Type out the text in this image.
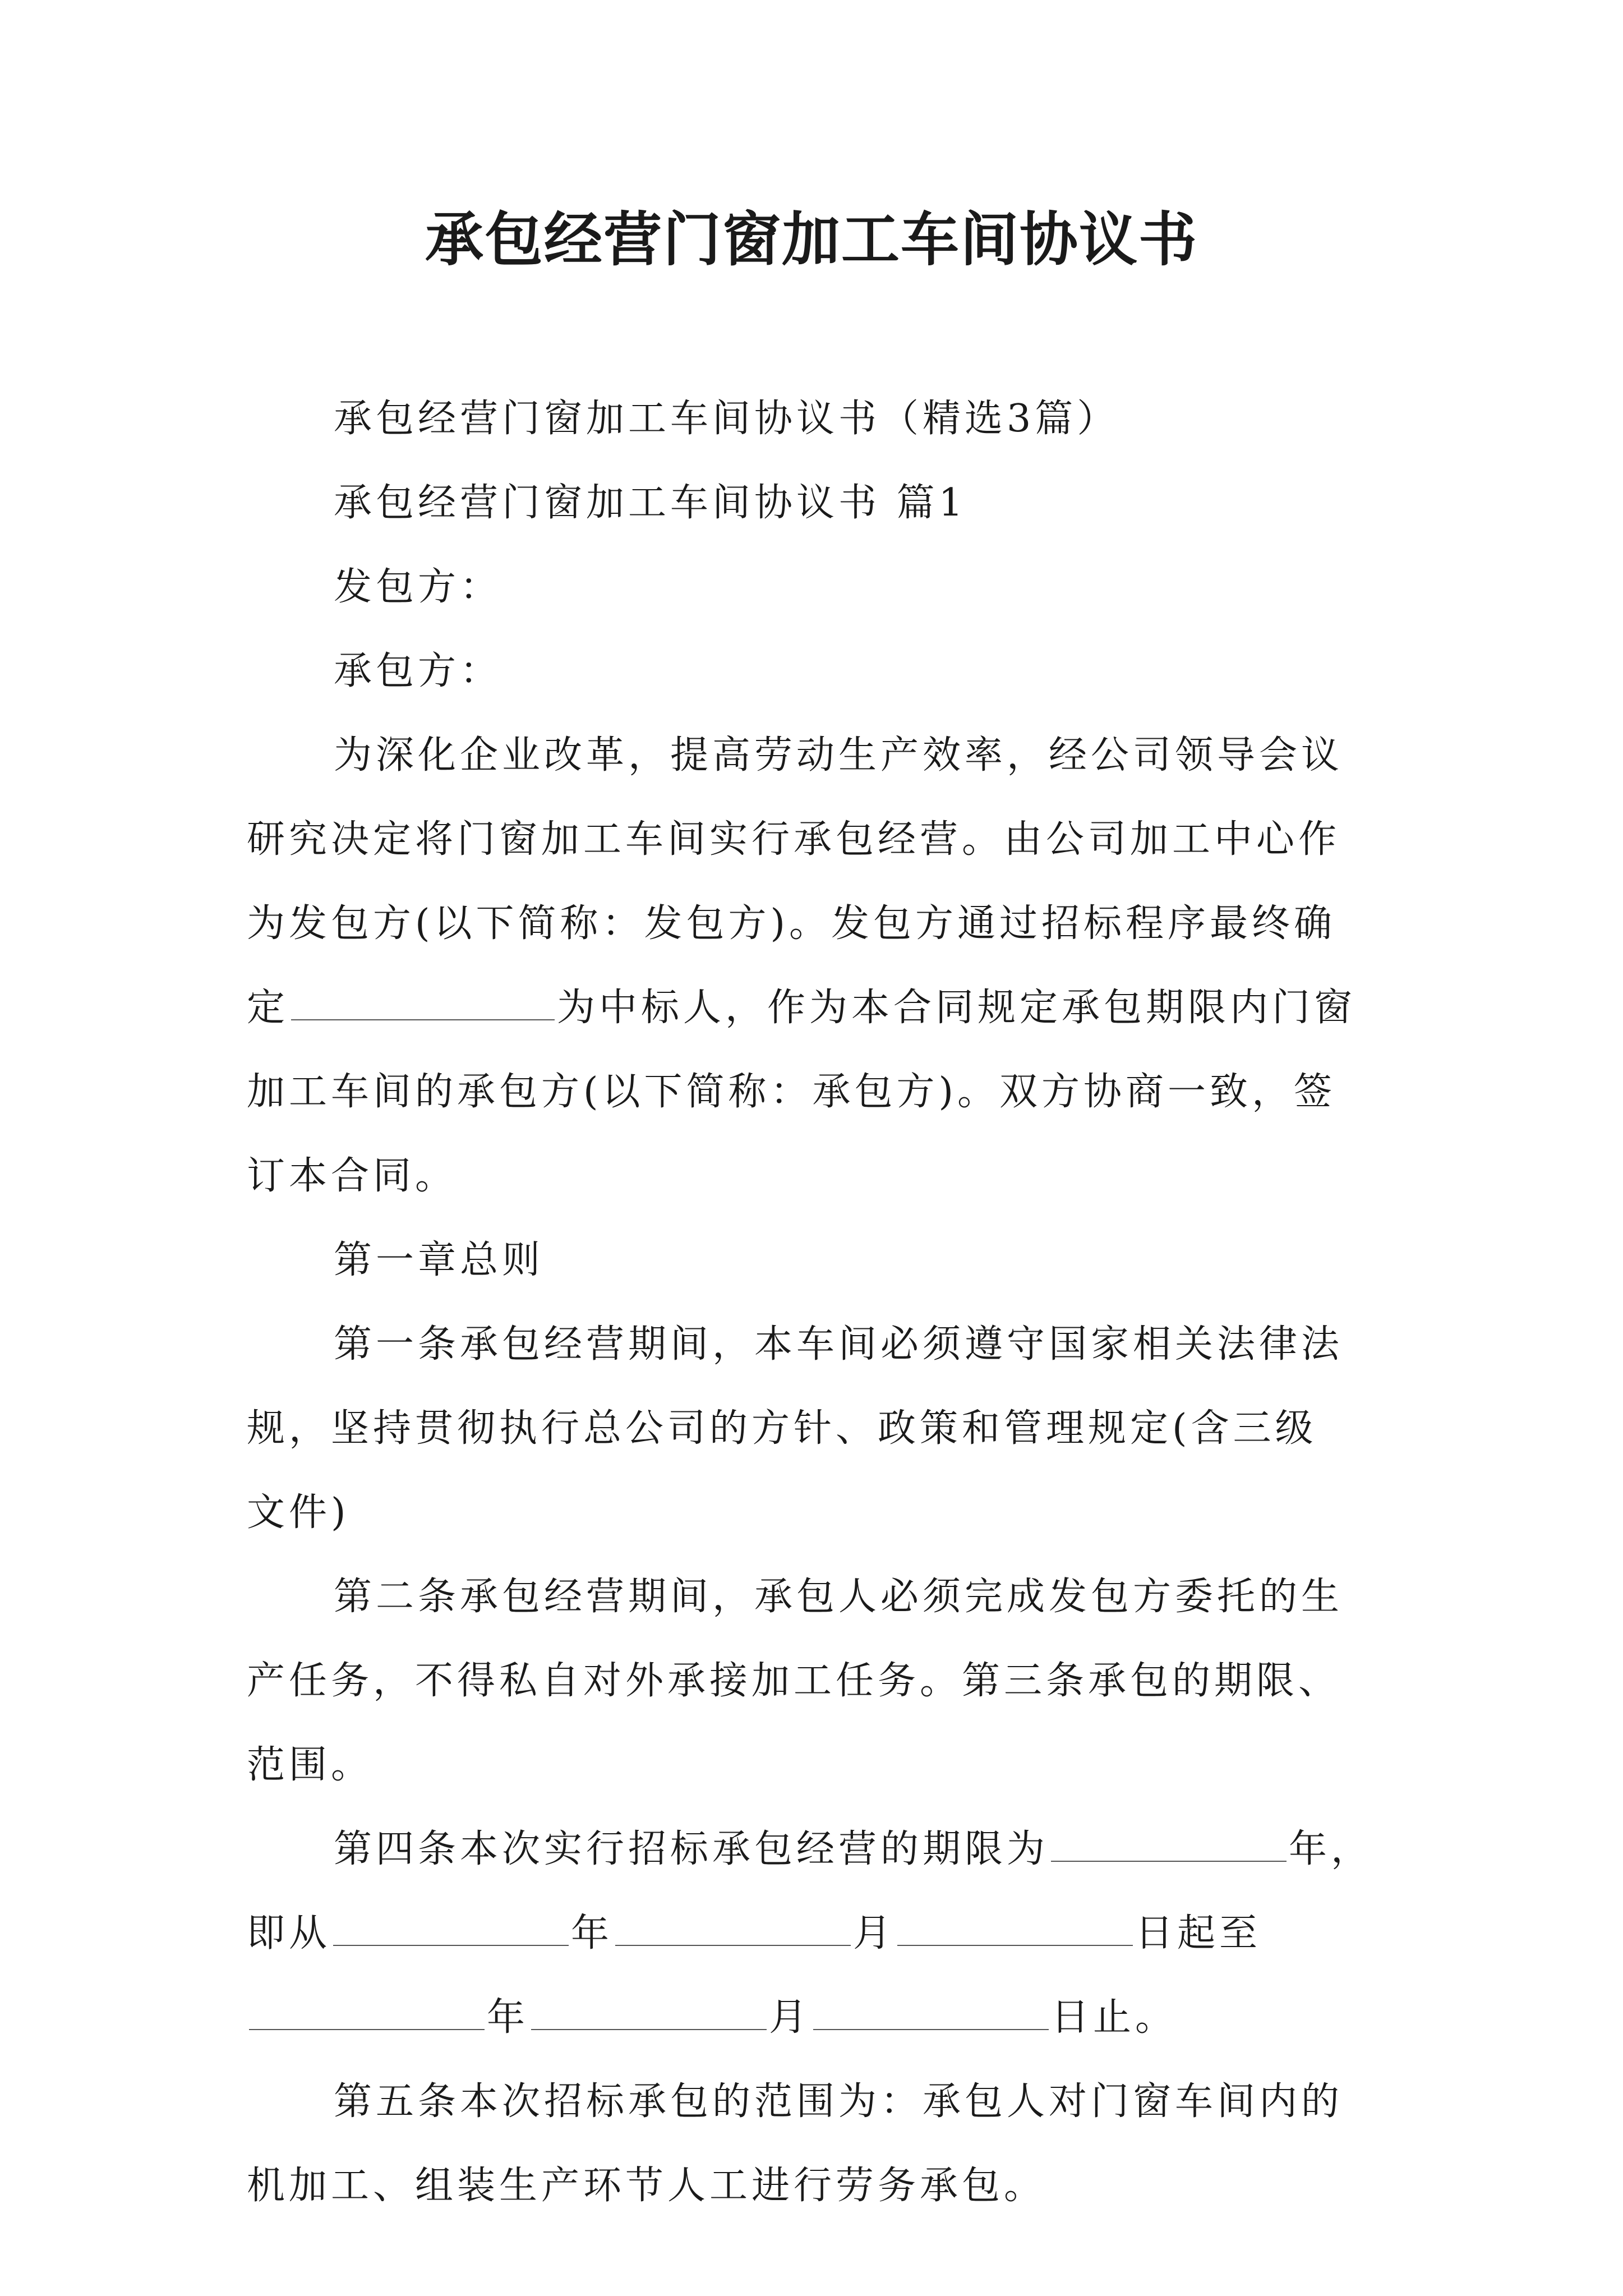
承包经营门窗加工车间协议书

承包经营门窗加工车间协议书（精选3篇）

承包经营门窗加工车间协议书 篇1

发包方：

承包方：

为深化企业改革，提高劳动生产效率，经公司领导会议
研究决定将门窗加工车间实行承包经营。由公司加工中心作
为发包方(以下简称：发包方)。发包方通过招标程序最终确
定	为中标人，作为本合同规定承包期限内门窗
加工车间的承包方(以下简称：承包方)。双方协商一致，签
订本合同。

第一章总则

第一条承包经营期间，本车间必须遵守国家相关法律法
规，坚持贯彻执行总公司的方针、政策和管理规定(含三级
文件)
第二条承包经营期间，承包人必须完成发包方委托的生
产任务，不得私自对外承接加工任务。第三条承包的期限、
范围。
第四条本次实行招标承包经营的期限为	年，
即从	年	月	日起至
年	月	日止。
第五条本次招标承包的范围为：承包人对门窗车间内的
机加工、组装生产环节人工进行劳务承包。
